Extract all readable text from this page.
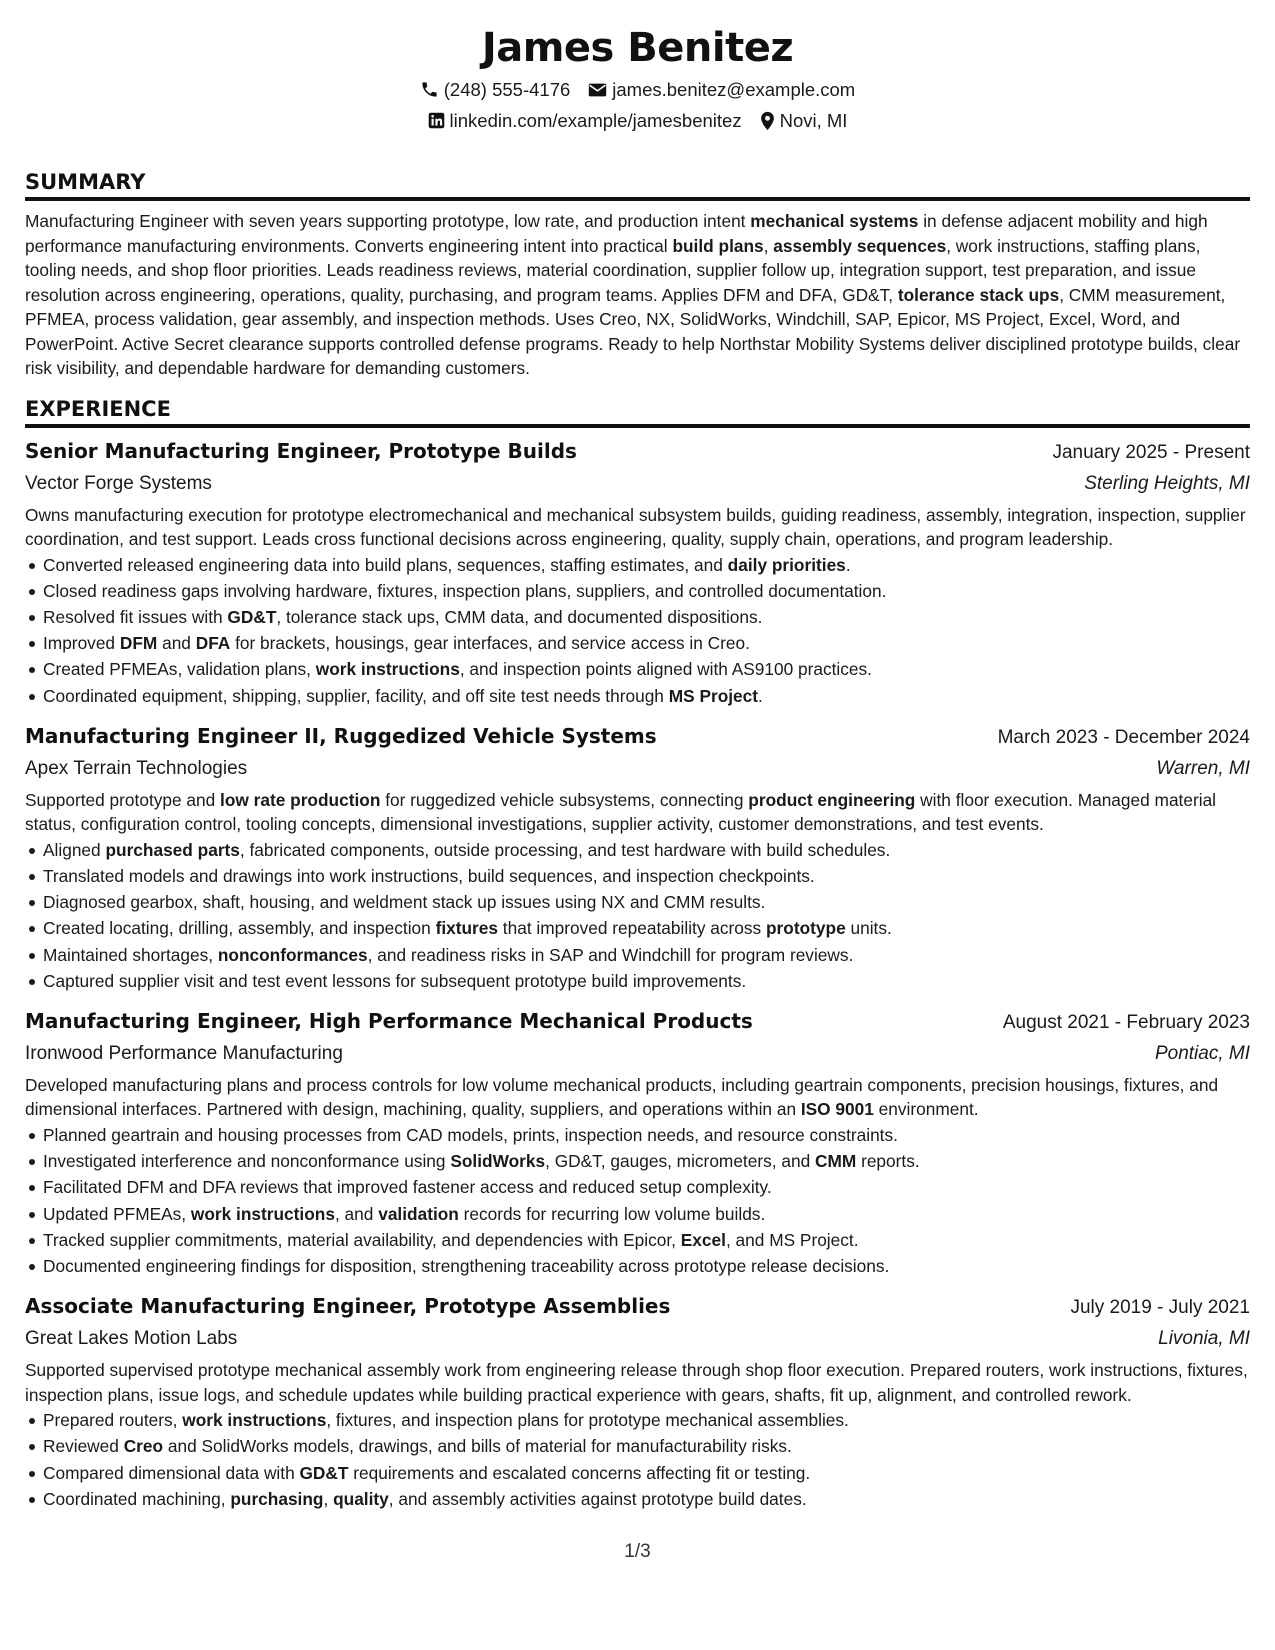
James Benitez
(248) 555-4176 james.benitez@example.com
linkedin.com/example/jamesbenitez Novi, MI
SUMMARY
Manufacturing Engineer with seven years supporting prototype, low rate, and production intent mechanical systems in defense adjacent mobility and high performance manufacturing environments. Converts engineering intent into practical build plans, assembly sequences, work instructions, staffing plans, tooling needs, and shop floor priorities. Leads readiness reviews, material coordination, supplier follow up, integration support, test preparation, and issue resolution across engineering, operations, quality, purchasing, and program teams. Applies DFM and DFA, GD&T, tolerance stack ups, CMM measurement, PFMEA, process validation, gear assembly, and inspection methods. Uses Creo, NX, SolidWorks, Windchill, SAP, Epicor, MS Project, Excel, Word, and PowerPoint. Active Secret clearance supports controlled defense programs. Ready to help Northstar Mobility Systems deliver disciplined prototype builds, clear risk visibility, and dependable hardware for demanding customers.
EXPERIENCE
Senior Manufacturing Engineer, Prototype Builds	January 2025 - Present
Vector Forge Systems	Sterling Heights, MI
Owns manufacturing execution for prototype electromechanical and mechanical subsystem builds, guiding readiness, assembly, integration, inspection, supplier coordination, and test support. Leads cross functional decisions across engineering, quality, supply chain, operations, and program leadership.
Converted released engineering data into build plans, sequences, staffing estimates, and daily priorities.
Closed readiness gaps involving hardware, fixtures, inspection plans, suppliers, and controlled documentation.
Resolved fit issues with GD&T, tolerance stack ups, CMM data, and documented dispositions.
Improved DFM and DFA for brackets, housings, gear interfaces, and service access in Creo.
Created PFMEAs, validation plans, work instructions, and inspection points aligned with AS9100 practices.
Coordinated equipment, shipping, supplier, facility, and off site test needs through MS Project.
Manufacturing Engineer II, Ruggedized Vehicle Systems	March 2023 - December 2024
Apex Terrain Technologies	Warren, MI
Supported prototype and low rate production for ruggedized vehicle subsystems, connecting product engineering with floor execution. Managed material status, configuration control, tooling concepts, dimensional investigations, supplier activity, customer demonstrations, and test events.
Aligned purchased parts, fabricated components, outside processing, and test hardware with build schedules.
Translated models and drawings into work instructions, build sequences, and inspection checkpoints.
Diagnosed gearbox, shaft, housing, and weldment stack up issues using NX and CMM results.
Created locating, drilling, assembly, and inspection fixtures that improved repeatability across prototype units.
Maintained shortages, nonconformances, and readiness risks in SAP and Windchill for program reviews.
Captured supplier visit and test event lessons for subsequent prototype build improvements.
Manufacturing Engineer, High Performance Mechanical Products	August 2021 - February 2023
Ironwood Performance Manufacturing	Pontiac, MI
Developed manufacturing plans and process controls for low volume mechanical products, including geartrain components, precision housings, fixtures, and dimensional interfaces. Partnered with design, machining, quality, suppliers, and operations within an ISO 9001 environment.
Planned geartrain and housing processes from CAD models, prints, inspection needs, and resource constraints.
Investigated interference and nonconformance using SolidWorks, GD&T, gauges, micrometers, and CMM reports.
Facilitated DFM and DFA reviews that improved fastener access and reduced setup complexity.
Updated PFMEAs, work instructions, and validation records for recurring low volume builds.
Tracked supplier commitments, material availability, and dependencies with Epicor, Excel, and MS Project.
Documented engineering findings for disposition, strengthening traceability across prototype release decisions.
Associate Manufacturing Engineer, Prototype Assemblies	July 2019 - July 2021
Great Lakes Motion Labs	Livonia, MI
Supported supervised prototype mechanical assembly work from engineering release through shop floor execution. Prepared routers, work instructions, fixtures, inspection plans, issue logs, and schedule updates while building practical experience with gears, shafts, fit up, alignment, and controlled rework.
Prepared routers, work instructions, fixtures, and inspection plans for prototype mechanical assemblies.
Reviewed Creo and SolidWorks models, drawings, and bills of material for manufacturability risks.
Compared dimensional data with GD&T requirements and escalated concerns affecting fit or testing.
Coordinated machining, purchasing, quality, and assembly activities against prototype build dates.
1/3
